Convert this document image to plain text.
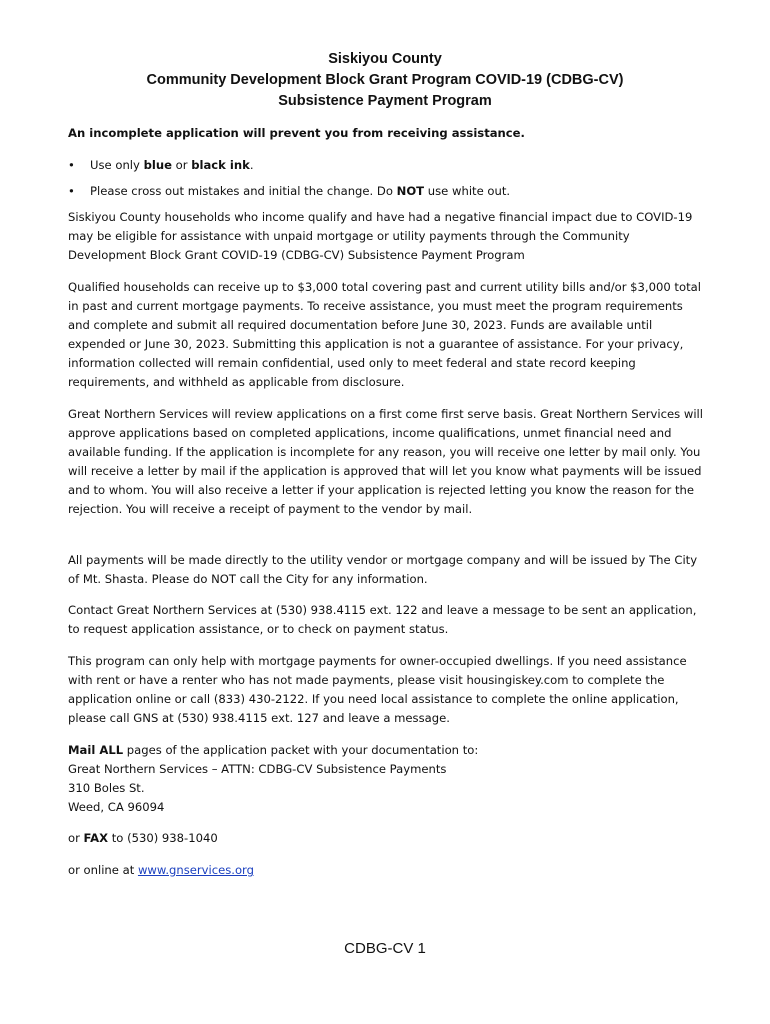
Siskiyou County
Community Development Block Grant Program COVID-19 (CDBG-CV)
Subsistence Payment Program
An incomplete application will prevent you from receiving assistance.
• Use only blue or black ink.
• Please cross out mistakes and initial the change. Do NOT use white out.

Siskiyou County households who income qualify and have had a negative financial impact due to COVID-19 may be eligible for assistance with unpaid mortgage or utility payments through the Community Development Block Grant COVID-19 (CDBG-CV) Subsistence Payment Program

Qualified households can receive up to $3,000 total covering past and current utility bills and/or $3,000 total in past and current mortgage payments. To receive assistance, you must meet the program requirements and complete and submit all required documentation before June 30, 2023. Funds are available until expended or June 30, 2023. Submitting this application is not a guarantee of assistance. For your privacy, information collected will remain confidential, used only to meet federal and state record keeping requirements, and withheld as applicable from disclosure.

Great Northern Services will review applications on a first come first serve basis. Great Northern Services will approve applications based on completed applications, income qualifications, unmet financial need and available funding. If the application is incomplete for any reason, you will receive one letter by mail only. You will receive a letter by mail if the application is approved that will let you know what payments will be issued and to whom. You will also receive a letter if your application is rejected letting you know the reason for the rejection. You will receive a receipt of payment to the vendor by mail.

All payments will be made directly to the utility vendor or mortgage company and will be issued by The City of Mt. Shasta. Please do NOT call the City for any information.

Contact Great Northern Services at (530) 938.4115 ext. 122 and leave a message to be sent an application, to request application assistance, or to check on payment status.

This program can only help with mortgage payments for owner-occupied dwellings. If you need assistance with rent or have a renter who has not made payments, please visit housingiskey.com to complete the application online or call (833) 430-2122. If you need local assistance to complete the online application, please call GNS at (530) 938.4115 ext. 127 and leave a message.

Mail ALL pages of the application packet with your documentation to:

Great Northern Services – ATTN: CDBG-CV Subsistence Payments

310 Boles St.

Weed, CA 96094

or FAX to (530) 938-1040

or online at www.gnservices.org

CDBG-CV 1
